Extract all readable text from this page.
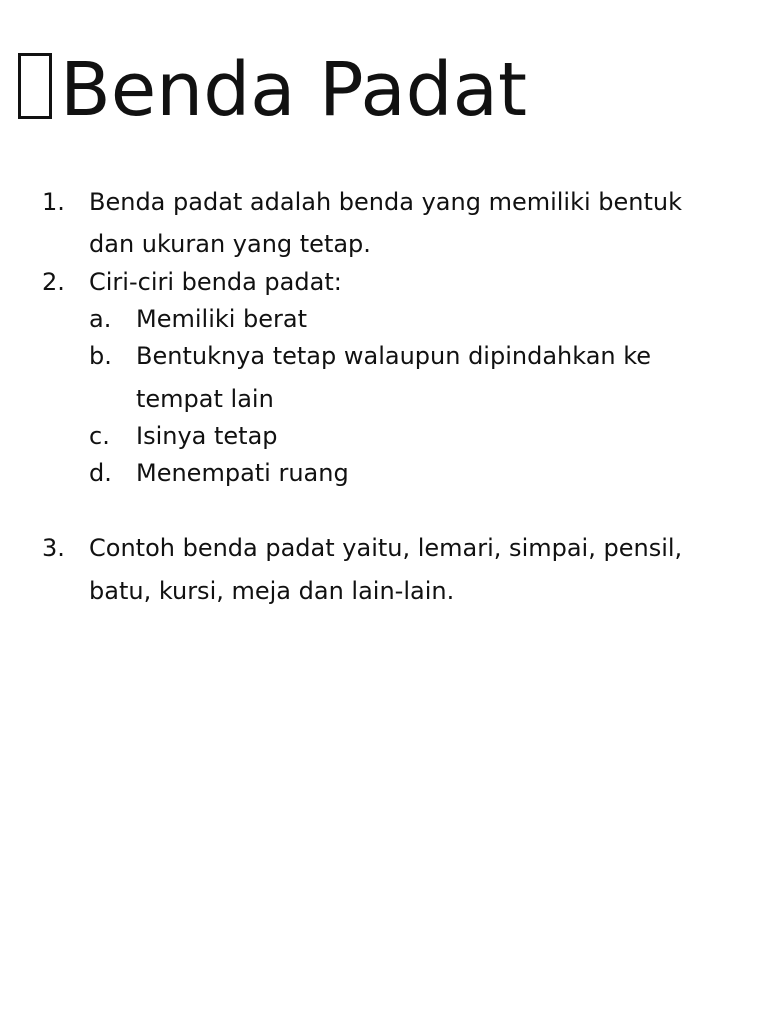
Benda Padat
1. Benda padat adalah benda yang memiliki bentuk
dan ukuran yang tetap.
2. Ciri-ciri benda padat:
a. Memiliki berat
b. Bentuknya tetap walaupun dipindahkan ke
tempat lain
c. Isinya tetap
d. Menempati ruang
3. Contoh benda padat yaitu, lemari, simpai, pensil,
batu, kursi, meja dan lain-lain.
